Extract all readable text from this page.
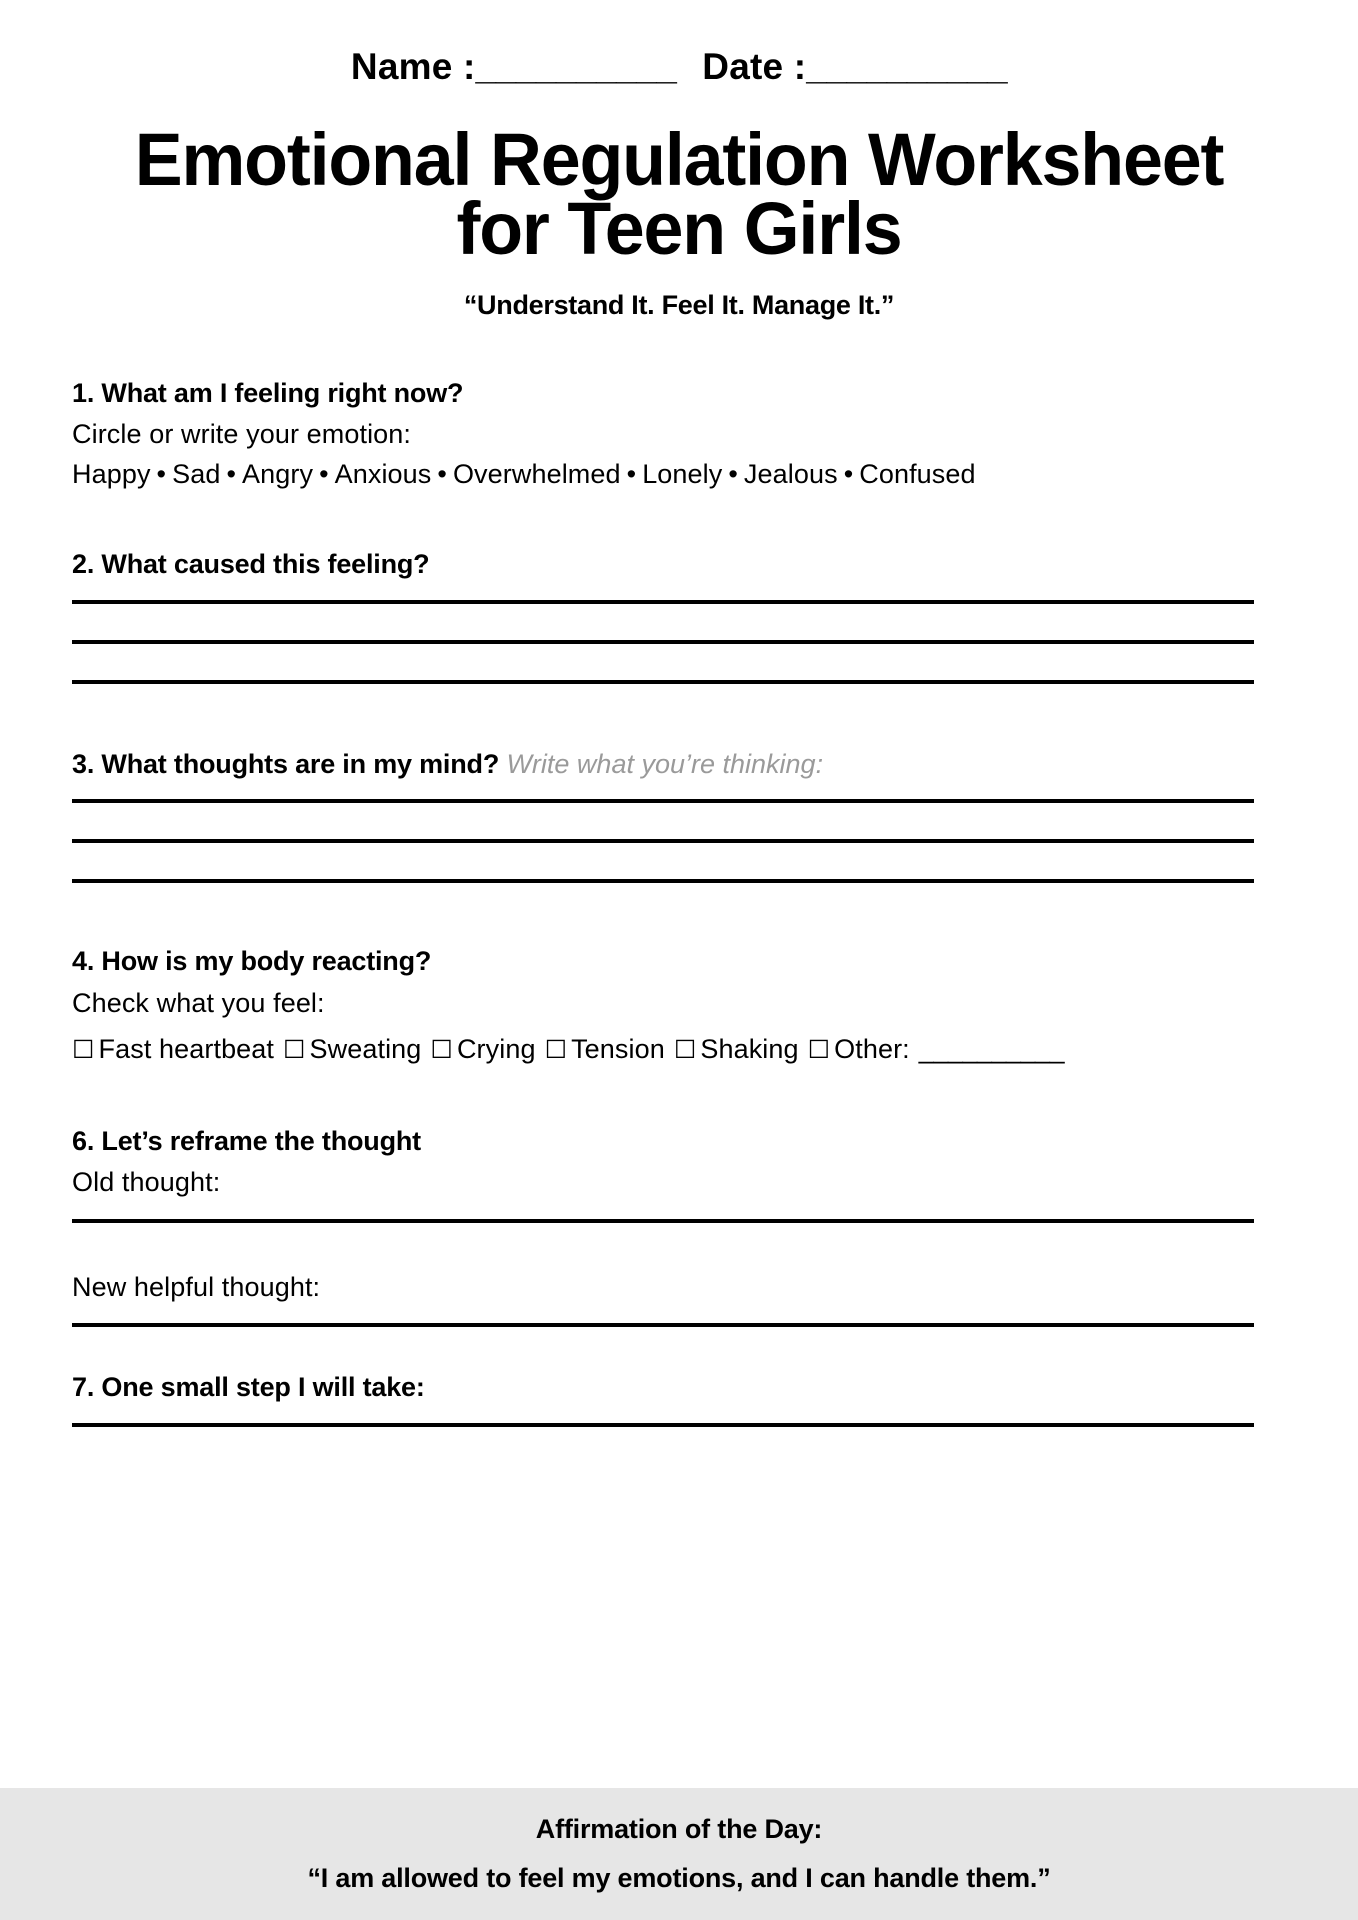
Name :__________ Date :__________
Emotional Regulation Worksheet
for Teen Girls
“Understand It. Feel It. Manage It.”
1. What am I feeling right now?
Circle or write your emotion:
Happy • Sad • Angry • Anxious • Overwhelmed • Lonely • Jealous • Confused
2. What caused this feeling?
3. What thoughts are in my mind? Write what you’re thinking:
4. How is my body reacting?
Check what you feel:
☐ Fast heartbeat ☐ Sweating ☐ Crying ☐ Tension ☐ Shaking ☐ Other: __________
6. Let’s reframe the thought
Old thought:
New helpful thought:
7. One small step I will take:
Affirmation of the Day:
“I am allowed to feel my emotions, and I can handle them.”
